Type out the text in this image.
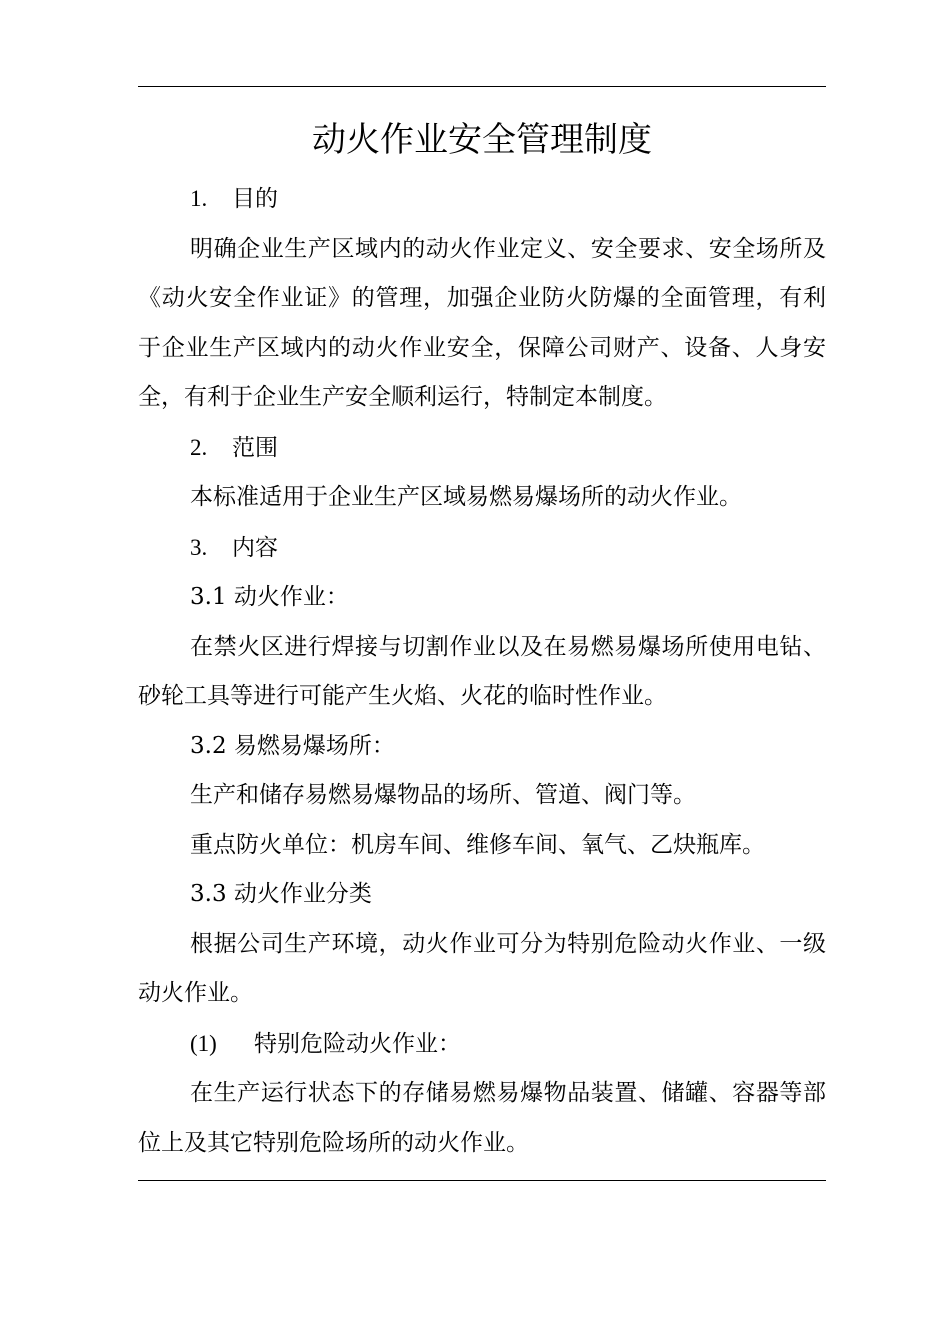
动火作业安全管理制度

1. 目的

明确企业生产区域内的动火作业定义、安全要求、安全场所及《动火安全作业证》的管理，加强企业防火防爆的全面管理，有利于企业生产区域内的动火作业安全，保障公司财产、设备、人身安全，有利于企业生产安全顺利运行，特制定本制度。

2. 范围

本标准适用于企业生产区域易燃易爆场所的动火作业。

3. 内容

3.1 动火作业：

在禁火区进行焊接与切割作业以及在易燃易爆场所使用电钻、砂轮工具等进行可能产生火焰、火花的临时性作业。

3.2 易燃易爆场所：

生产和储存易燃易爆物品的场所、管道、阀门等。

重点防火单位：机房车间、维修车间、氧气、乙炔瓶库。

3.3 动火作业分类

根据公司生产环境，动火作业可分为特别危险动火作业、一级动火作业。

(1) 特别危险动火作业：

在生产运行状态下的存储易燃易爆物品装置、储罐、容器等部位上及其它特别危险场所的动火作业。
